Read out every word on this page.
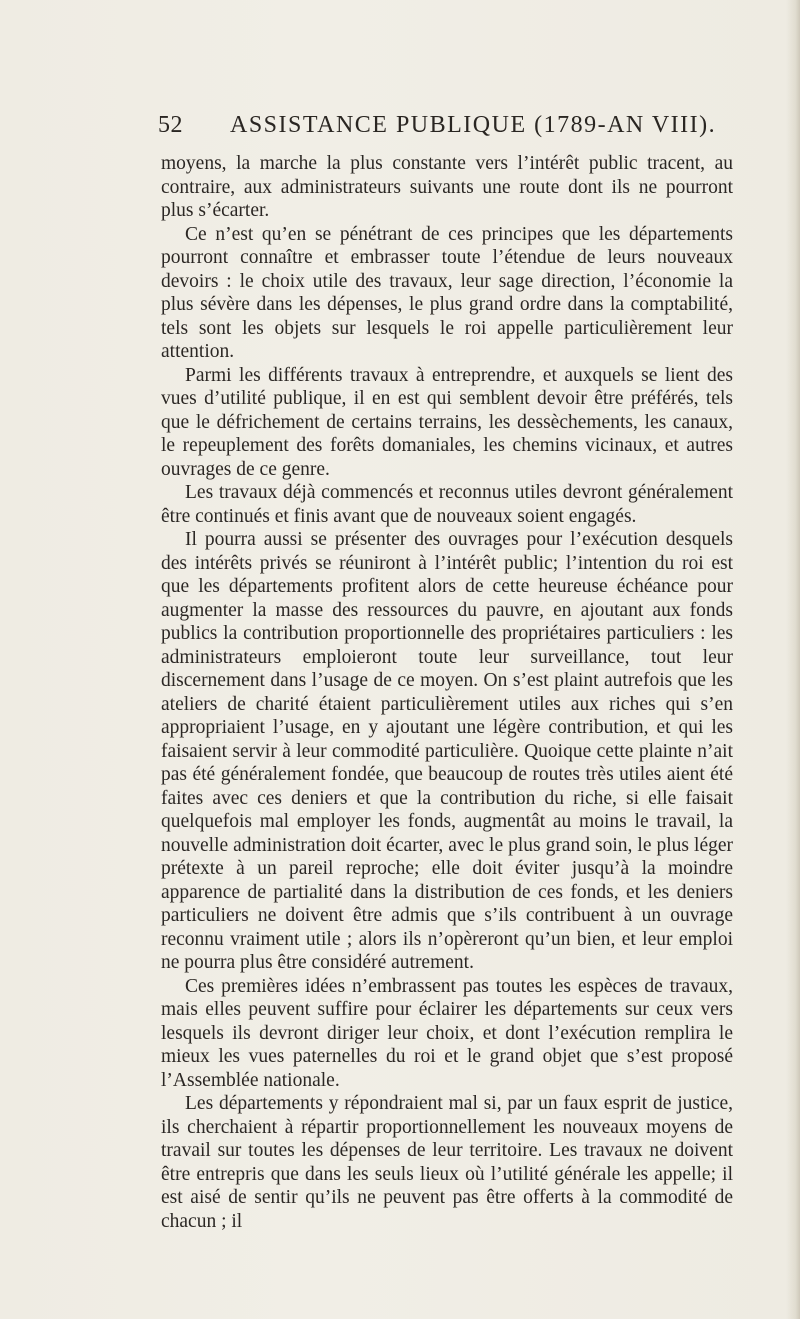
52 ASSISTANCE PUBLIQUE (1789-AN VIII).

moyens, la marche la plus constante vers l’intérêt public tracent, au contraire, aux administrateurs suivants une route dont ils ne pourront plus s’écarter.

Ce n’est qu’en se pénétrant de ces principes que les départements pourront connaître et embrasser toute l’étendue de leurs nouveaux devoirs : le choix utile des travaux, leur sage direction, l’économie la plus sévère dans les dépenses, le plus grand ordre dans la comptabilité, tels sont les objets sur lesquels le roi appelle particulièrement leur attention.

Parmi les différents travaux à entreprendre, et auxquels se lient des vues d’utilité publique, il en est qui semblent devoir être préférés, tels que le défrichement de certains terrains, les dessèchements, les canaux, le repeuplement des forêts domaniales, les chemins vicinaux, et autres ouvrages de ce genre.

Les travaux déjà commencés et reconnus utiles devront généralement être continués et finis avant que de nouveaux soient engagés.

Il pourra aussi se présenter des ouvrages pour l’exécution desquels des intérêts privés se réuniront à l’intérêt public; l’intention du roi est que les départements profitent alors de cette heureuse échéance pour augmenter la masse des ressources du pauvre, en ajoutant aux fonds publics la contribution proportionnelle des propriétaires particuliers : les administrateurs emploieront toute leur surveillance, tout leur discernement dans l’usage de ce moyen. On s’est plaint autrefois que les ateliers de charité étaient particulièrement utiles aux riches qui s’en appropriaient l’usage, en y ajoutant une légère contribution, et qui les faisaient servir à leur commodité particulière. Quoique cette plainte n’ait pas été généralement fondée, que beaucoup de routes très utiles aient été faites avec ces deniers et que la contribution du riche, si elle faisait quelquefois mal employer les fonds, augmentât au moins le travail, la nouvelle administration doit écarter, avec le plus grand soin, le plus léger prétexte à un pareil reproche; elle doit éviter jusqu’à la moindre apparence de partialité dans la distribution de ces fonds, et les deniers particuliers ne doivent être admis que s’ils contribuent à un ouvrage reconnu vraiment utile ; alors ils n’opèreront qu’un bien, et leur emploi ne pourra plus être considéré autrement.

Ces premières idées n’embrassent pas toutes les espèces de travaux, mais elles peuvent suffire pour éclairer les départements sur ceux vers lesquels ils devront diriger leur choix, et dont l’exécution remplira le mieux les vues paternelles du roi et le grand objet que s’est proposé l’Assemblée nationale.

Les départements y répondraient mal si, par un faux esprit de justice, ils cherchaient à répartir proportionnellement les nouveaux moyens de travail sur toutes les dépenses de leur territoire. Les travaux ne doivent être entrepris que dans les seuls lieux où l’utilité générale les appelle; il est aisé de sentir qu’ils ne peuvent pas être offerts à la commodité de chacun ; il
